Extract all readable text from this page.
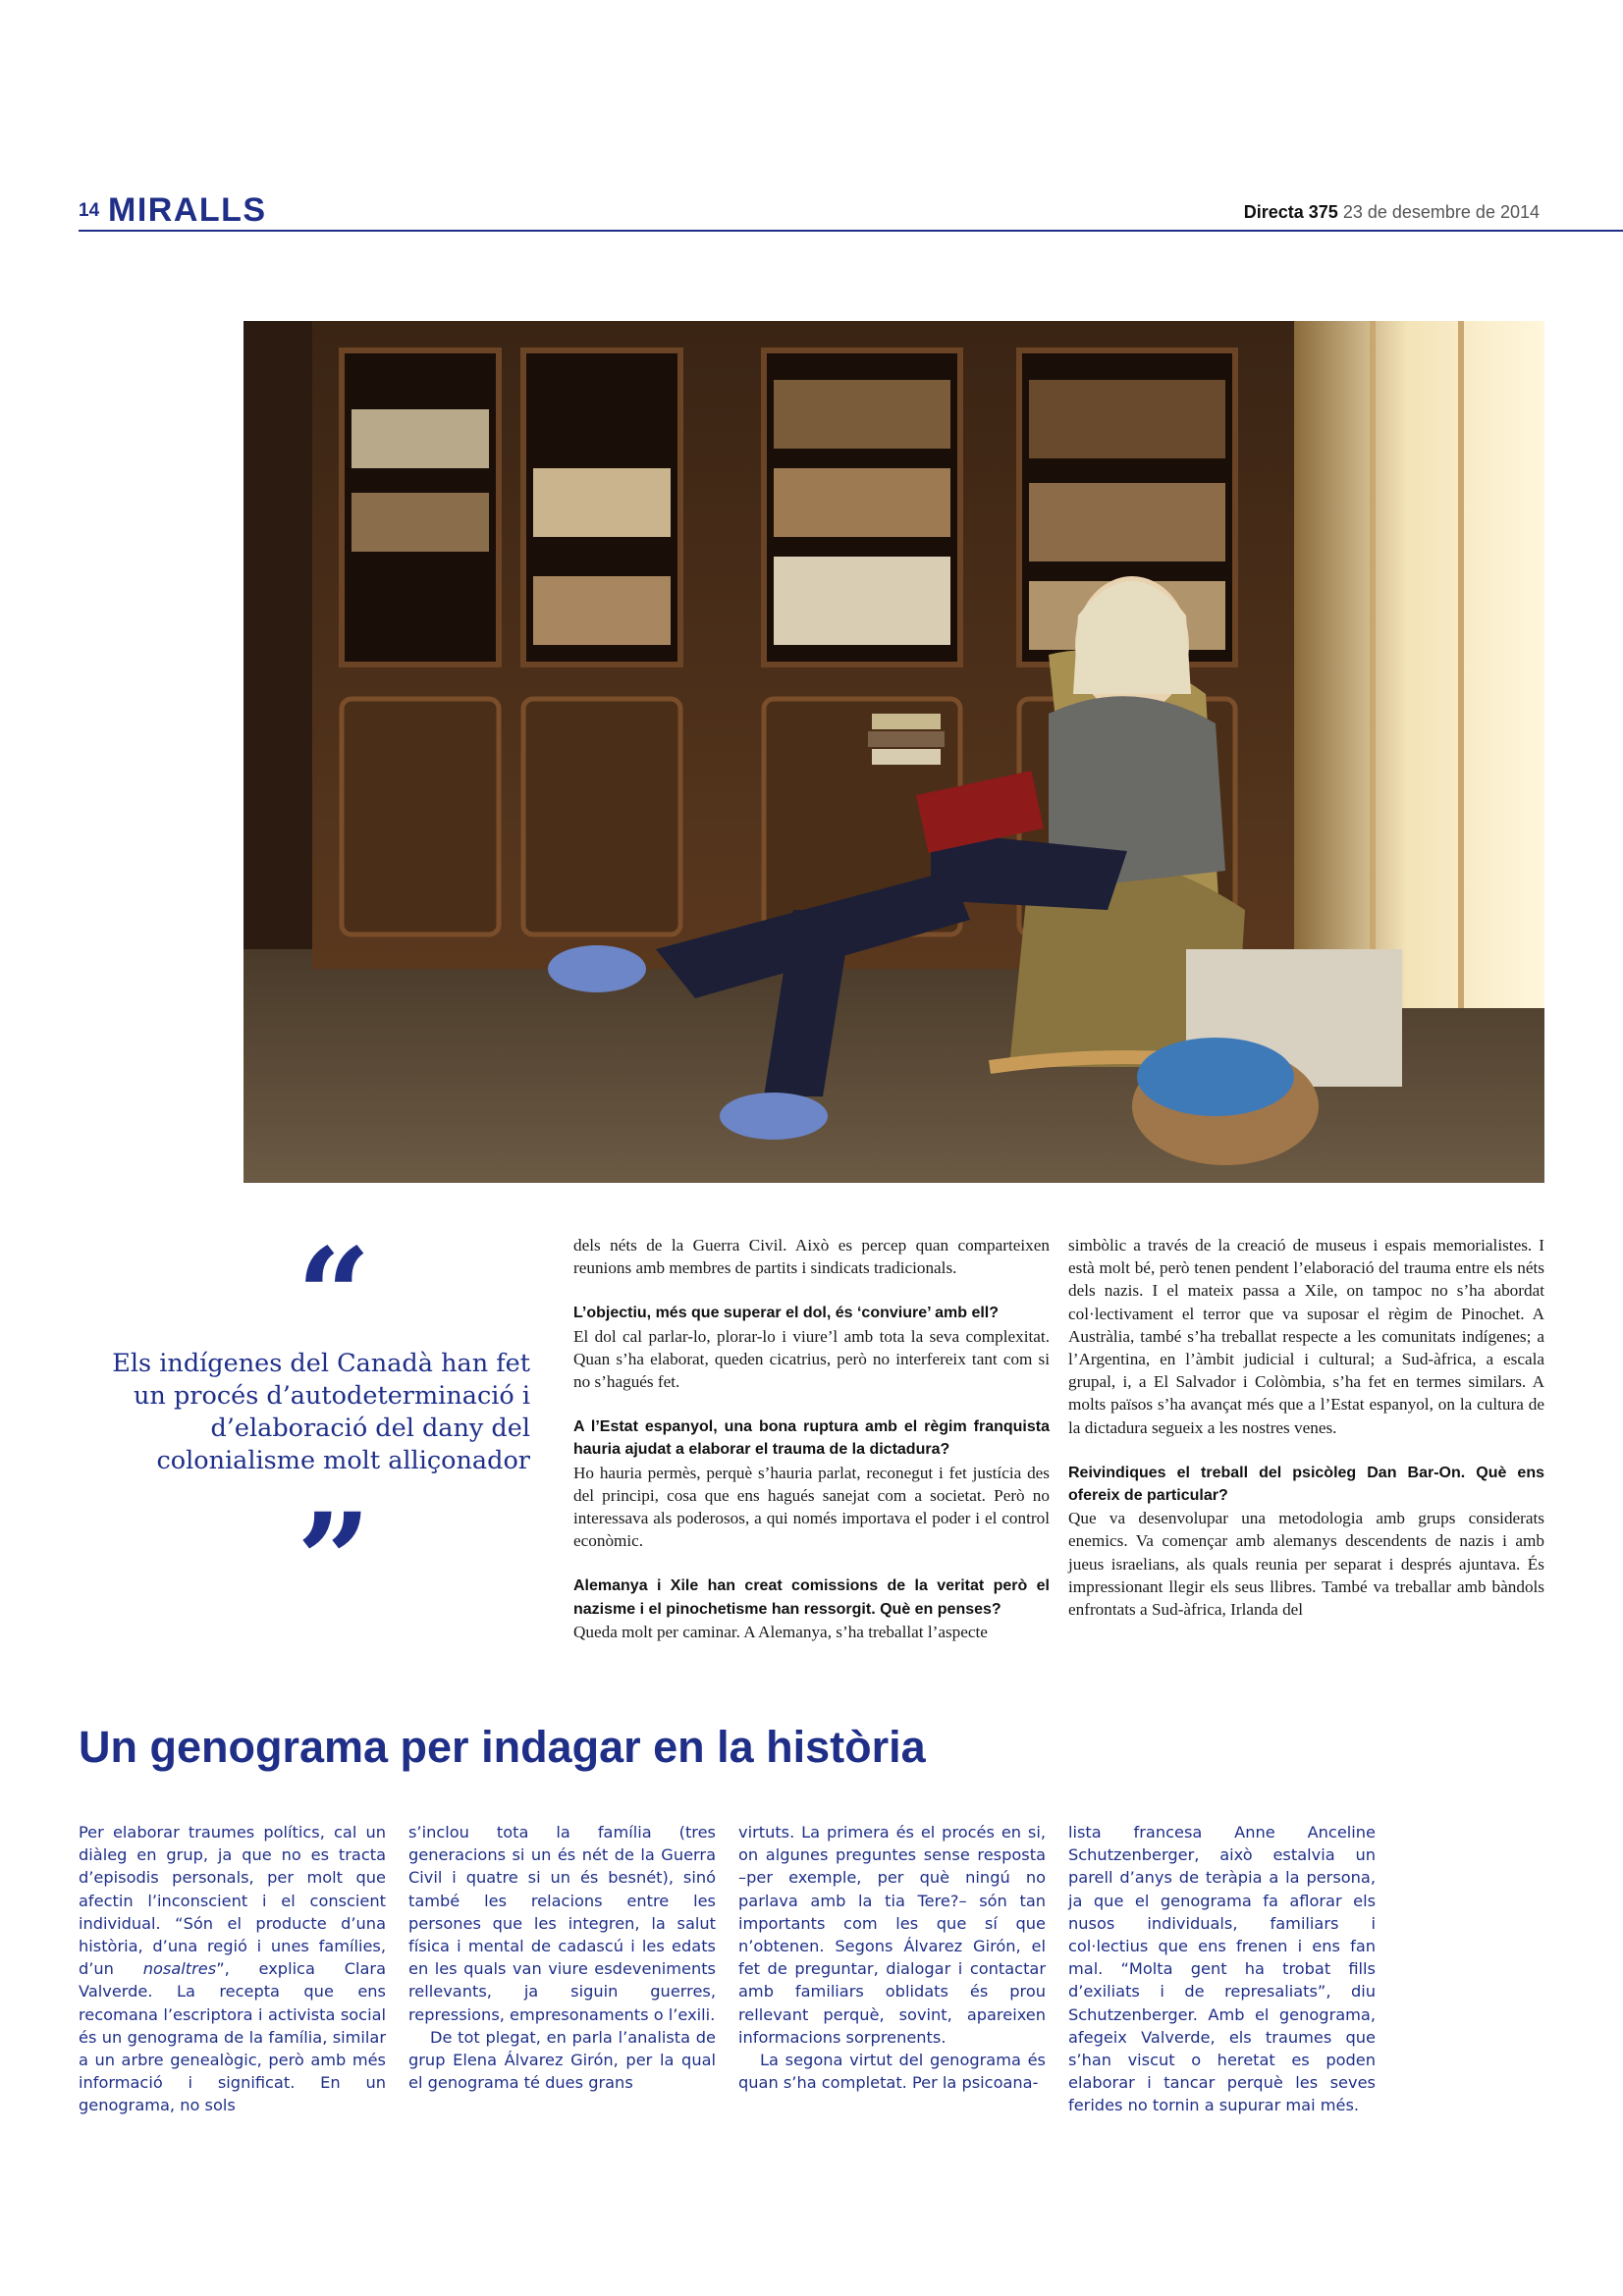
14 MIRALLS	Directa 375 23 de desembre de 2014
“
Els indígenes del Canadà han fet un procés d’autodeterminació i d’elaboració del dany del colonialisme molt alliçonador
”

dels néts de la Guerra Civil. Això es percep quan comparteixen reunions amb membres de partits i sindicats tradicionals.

L’objectiu, més que superar el dol, és ‘conviure’ amb ell?
El dol cal parlar-lo, plorar-lo i viure’l amb tota la seva complexitat. Quan s’ha elaborat, queden cicatrius, però no interfereix tant com si no s’hagués fet.

A l’Estat espanyol, una bona ruptura amb el règim franquista hauria ajudat a elaborar el trauma de la dictadura?
Ho hauria permès, perquè s’hauria parlat, reconegut i fet justícia des del principi, cosa que ens hagués sanejat com a societat. Però no interessava als poderosos, a qui només importava el poder i el control econòmic.

Alemanya i Xile han creat comissions de la veritat però el nazisme i el pinochetisme han ressorgit. Què en penses?
Queda molt per caminar. A Alemanya, s’ha treballat l’aspecte

simbòlic a través de la creació de museus i espais memorialistes. I està molt bé, però tenen pendent l’elaboració del trauma entre els néts dels nazis. I el mateix passa a Xile, on tampoc no s’ha abordat col·lectivament el terror que va suposar el règim de Pinochet. A Austràlia, també s’ha treballat respecte a les comunitats indígenes; a l’Argentina, en l’àmbit judicial i cultural; a Sud-àfrica, a escala grupal, i, a El Salvador i Colòmbia, s’ha fet en termes similars. A molts països s’ha avançat més que a l’Estat espanyol, on la cultura de la dictadura segueix a les nostres venes.

Reivindiques el treball del psicòleg Dan Bar-On. Què ens ofereix de particular?
Que va desenvolupar una metodologia amb grups considerats enemics. Va començar amb alemanys descendents de nazis i amb jueus israelians, als quals reunia per separat i després ajuntava. És impressionant llegir els seus llibres. També va treballar amb bàndols enfrontats a Sud-àfrica, Irlanda del

Un genograma per indagar en la història

Per elaborar traumes polítics, cal un diàleg en grup, ja que no es tracta d’episodis personals, per molt que afectin l’inconscient i el conscient individual. “Són el producte d’una història, d’una regió i unes famílies, d’un nosaltres”, explica Clara Valverde. La recepta que ens recomana l’escriptora i activista social és un genograma de la família, similar a un arbre genealògic, però amb més informació i significat. En un genograma, no sols

s’inclou tota la família (tres generacions si un és nét de la Guerra Civil i quatre si un és besnét), sinó també les relacions entre les persones que les integren, la salut física i mental de cadascú i les edats en les quals van viure esdeveniments rellevants, ja siguin guerres, repressions, empresonaments o l’exili.

De tot plegat, en parla l’analista de grup Elena Álvarez Girón, per la qual el genograma té dues grans

virtuts. La primera és el procés en si, on algunes preguntes sense resposta –per exemple, per què ningú no parlava amb la tia Tere?– són tan importants com les que sí que n’obtenen. Segons Álvarez Girón, el fet de preguntar, dialogar i contactar amb familiars oblidats és prou rellevant perquè, sovint, apareixen informacions sorprenents.

La segona virtut del genograma és quan s’ha completat. Per la psicoana-

lista francesa Anne Anceline Schutzenberger, això estalvia un parell d’anys de teràpia a la persona, ja que el genograma fa aflorar els nusos individuals, familiars i col·lectius que ens frenen i ens fan mal. “Molta gent ha trobat fills d’exiliats i de represaliats”, diu Schutzenberger. Amb el genograma, afegeix Valverde, els traumes que s’han viscut o heretat es poden elaborar i tancar perquè les seves ferides no tornin a supurar mai més.
